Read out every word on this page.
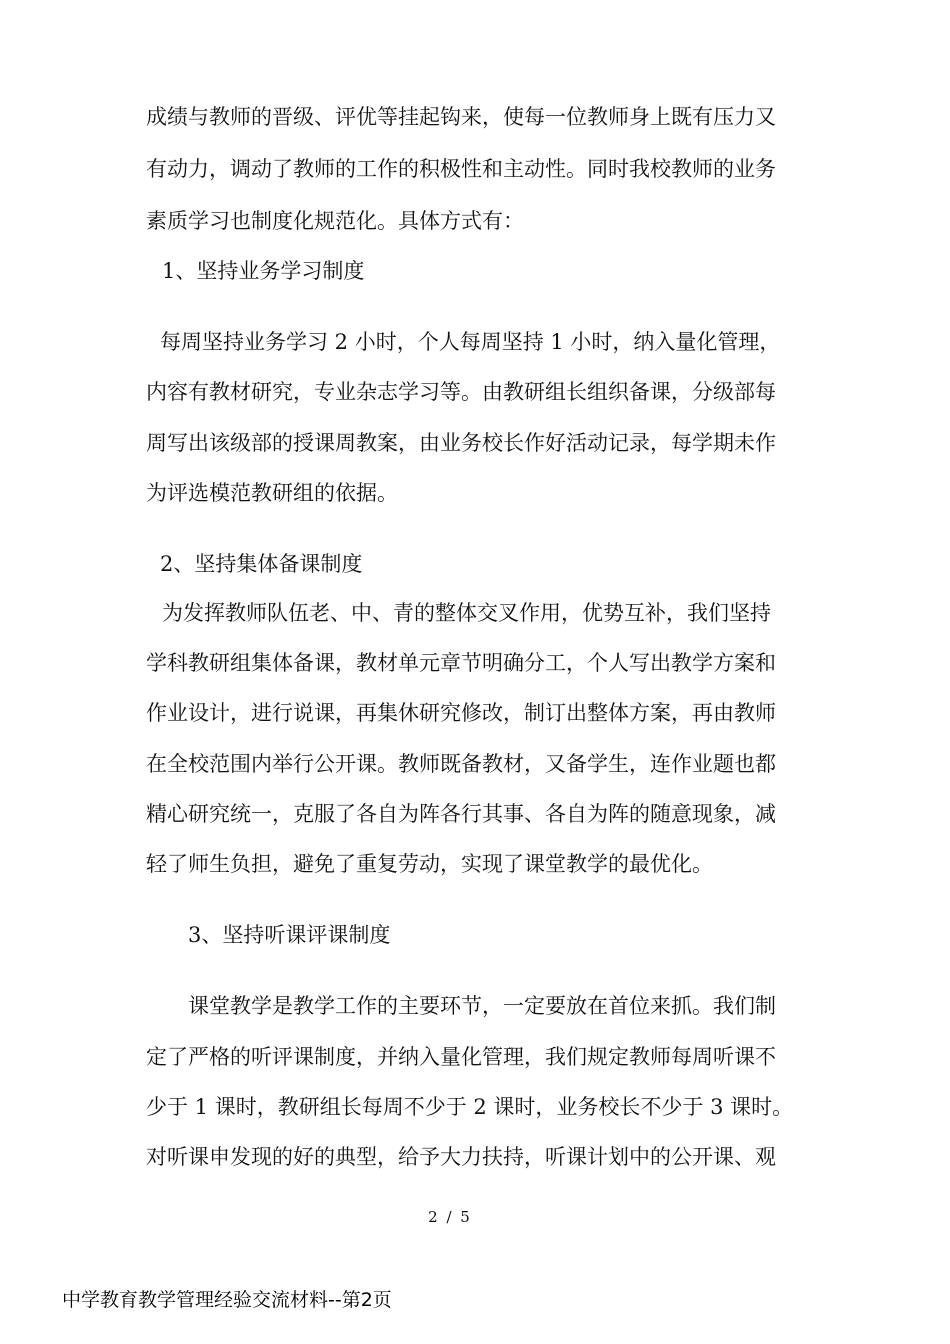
成绩与教师的晋级、评优等挂起钩来，使每一位教师身上既有压力又
有动力，调动了教师的工作的积极性和主动性。同时我校教师的业务
素质学习也制度化规范化。具体方式有：
1、坚持业务学习制度
每周坚持业务学习 2 小时，个人每周坚持 1 小时，纳入量化管理，
内容有教材研究，专业杂志学习等。由教研组长组织备课，分级部每
周写出该级部的授课周教案，由业务校长作好活动记录，每学期未作
为评选模范教研组的依据。
2、坚持集体备课制度
为发挥教师队伍老、中、青的整体交叉作用，优势互补，我们坚持
学科教研组集体备课，教材单元章节明确分工，个人写出教学方案和
作业设计，进行说课，再集休研究修改，制订出整体方案，再由教师
在全校范围内举行公开课。教师既备教材，又备学生，连作业题也都
精心研究统一，克服了各自为阵各行其事、各自为阵的随意现象，减
轻了师生负担，避免了重复劳动，实现了课堂教学的最优化。
3、坚持听课评课制度
课堂教学是教学工作的主要环节，一定要放在首位来抓。我们制
定了严格的听评课制度，并纳入量化管理，我们规定教师每周听课不
少于 1 课时，教研组长每周不少于 2 课时，业务校长不少于 3 课时。
对听课申发现的好的典型，给予大力扶持，听课计划中的公开课、观
2 / 5
中学教育教学管理经验交流材料--第2页
